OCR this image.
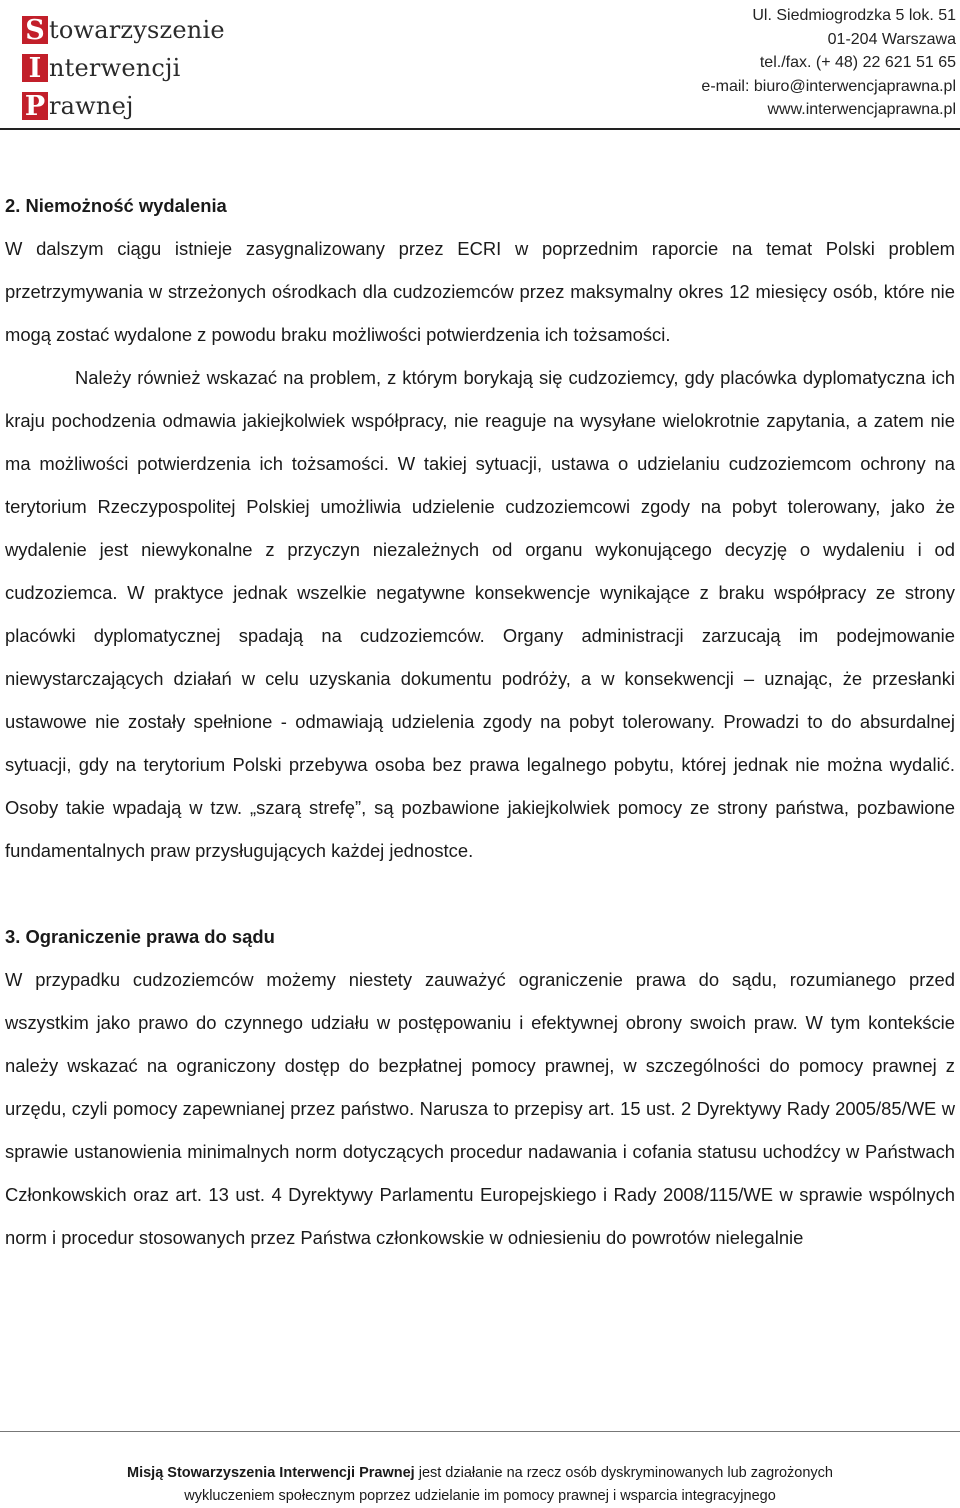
S towarzyszenie
I nterwencji
P rawnej
Ul. Siedmiogrodzka 5 lok. 51
01-204 Warszawa
tel./fax. (+ 48) 22 621 51 65
e-mail: biuro@interwencjaprawna.pl
www.interwencjaprawna.pl

2. Niemożność wydalenia

W dalszym ciągu istnieje zasygnalizowany przez ECRI w poprzednim raporcie na temat Polski problem przetrzymywania w strzeżonych ośrodkach dla cudzoziemców przez maksymalny okres 12 miesięcy osób, które nie mogą zostać wydalone z powodu braku możliwości potwierdzenia ich tożsamości.

Należy również wskazać na problem, z którym borykają się cudzoziemcy, gdy placówka dyplomatyczna ich kraju pochodzenia odmawia jakiejkolwiek współpracy, nie reaguje na wysyłane wielokrotnie zapytania, a zatem nie ma możliwości potwierdzenia ich tożsamości. W takiej sytuacji, ustawa o udzielaniu cudzoziemcom ochrony na terytorium Rzeczypospolitej Polskiej umożliwia udzielenie cudzoziemcowi zgody na pobyt tolerowany, jako że wydalenie jest niewykonalne z przyczyn niezależnych od organu wykonującego decyzję o wydaleniu i od cudzoziemca. W praktyce jednak wszelkie negatywne konsekwencje wynikające z braku współpracy ze strony placówki dyplomatycznej spadają na cudzoziemców. Organy administracji zarzucają im podejmowanie niewystarczających działań w celu uzyskania dokumentu podróży, a w konsekwencji – uznając, że przesłanki ustawowe nie zostały spełnione - odmawiają udzielenia zgody na pobyt tolerowany. Prowadzi to do absurdalnej sytuacji, gdy na terytorium Polski przebywa osoba bez prawa legalnego pobytu, której jednak nie można wydalić. Osoby takie wpadają w tzw. „szarą strefę”, są pozbawione jakiejkolwiek pomocy ze strony państwa, pozbawione fundamentalnych praw przysługujących każdej jednostce.

3. Ograniczenie prawa do sądu

W przypadku cudzoziemców możemy niestety zauważyć ograniczenie prawa do sądu, rozumianego przed wszystkim jako prawo do czynnego udziału w postępowaniu i efektywnej obrony swoich praw. W tym kontekście należy wskazać na ograniczony dostęp do bezpłatnej pomocy prawnej, w szczególności do pomocy prawnej z urzędu, czyli pomocy zapewnianej przez państwo. Narusza to przepisy art. 15 ust. 2 Dyrektywy Rady 2005/85/WE w sprawie ustanowienia minimalnych norm dotyczących procedur nadawania i cofania statusu uchodźcy w Państwach Członkowskich oraz art. 13 ust. 4 Dyrektywy Parlamentu Europejskiego i Rady 2008/115/WE w sprawie wspólnych norm i procedur stosowanych przez Państwa członkowskie w odniesieniu do powrotów nielegalnie

Misją Stowarzyszenia Interwencji Prawnej jest działanie na rzecz osób dyskryminowanych lub zagrożonych
wykluczeniem społecznym poprzez udzielanie im pomocy prawnej i wsparcia integracyjnego
